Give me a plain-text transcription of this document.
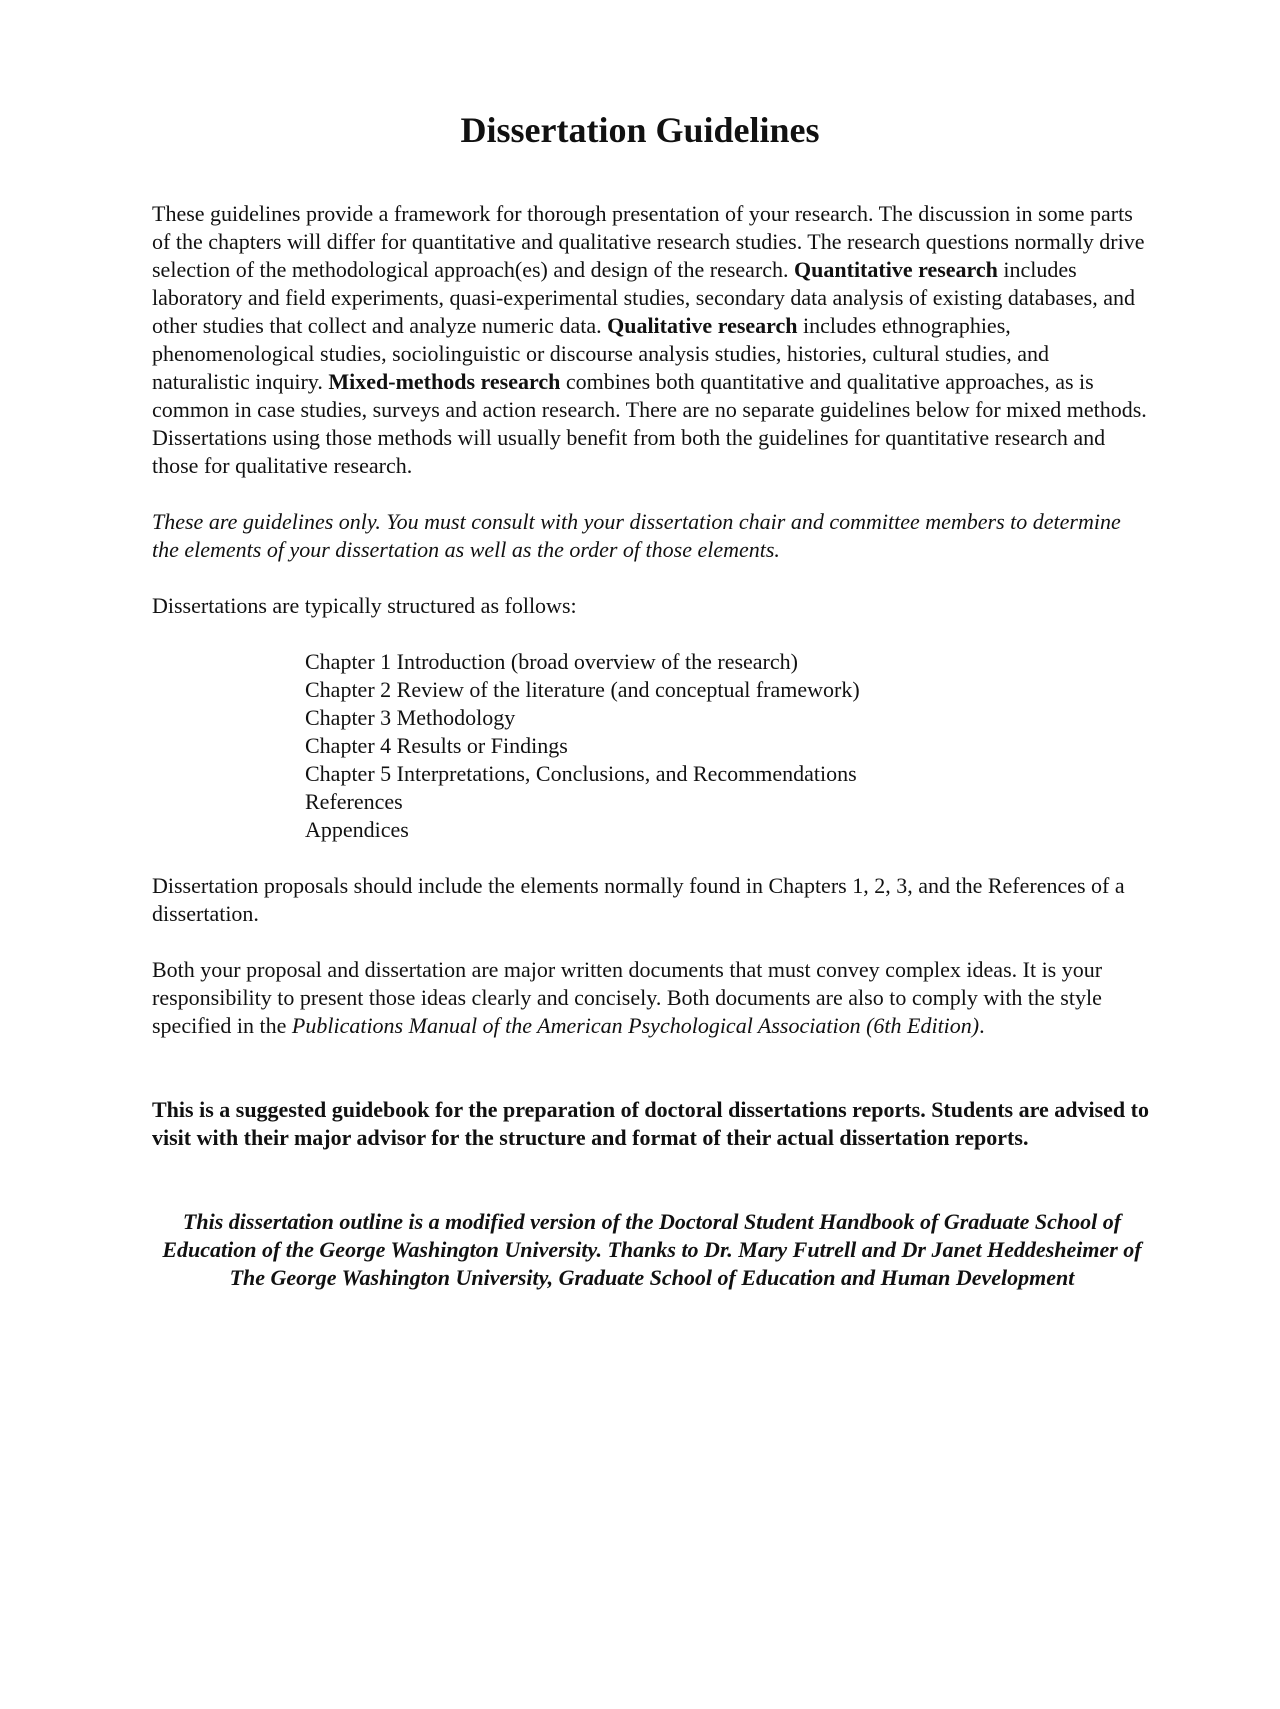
Dissertation Guidelines

These guidelines provide a framework for thorough presentation of your research. The discussion in some parts of the chapters will differ for quantitative and qualitative research studies. The research questions normally drive selection of the methodological approach(es) and design of the research. Quantitative research includes laboratory and field experiments, quasi-experimental studies, secondary data analysis of existing databases, and other studies that collect and analyze numeric data. Qualitative research includes ethnographies, phenomenological studies, sociolinguistic or discourse analysis studies, histories, cultural studies, and naturalistic inquiry. Mixed-methods research combines both quantitative and qualitative approaches, as is common in case studies, surveys and action research. There are no separate guidelines below for mixed methods. Dissertations using those methods will usually benefit from both the guidelines for quantitative research and those for qualitative research.

These are guidelines only. You must consult with your dissertation chair and committee members to determine the elements of your dissertation as well as the order of those elements.

Dissertations are typically structured as follows:

Chapter 1 Introduction (broad overview of the research)
Chapter 2 Review of the literature (and conceptual framework)
Chapter 3 Methodology
Chapter 4 Results or Findings
Chapter 5 Interpretations, Conclusions, and Recommendations
References
Appendices

Dissertation proposals should include the elements normally found in Chapters 1, 2, 3, and the References of a dissertation.

Both your proposal and dissertation are major written documents that must convey complex ideas. It is your responsibility to present those ideas clearly and concisely. Both documents are also to comply with the style specified in the Publications Manual of the American Psychological Association (6th Edition).

This is a suggested guidebook for the preparation of doctoral dissertations reports. Students are advised to visit with their major advisor for the structure and format of their actual dissertation reports.

This dissertation outline is a modified version of the Doctoral Student Handbook of Graduate School of Education of the George Washington University. Thanks to Dr. Mary Futrell and Dr Janet Heddesheimer of The George Washington University, Graduate School of Education and Human Development
